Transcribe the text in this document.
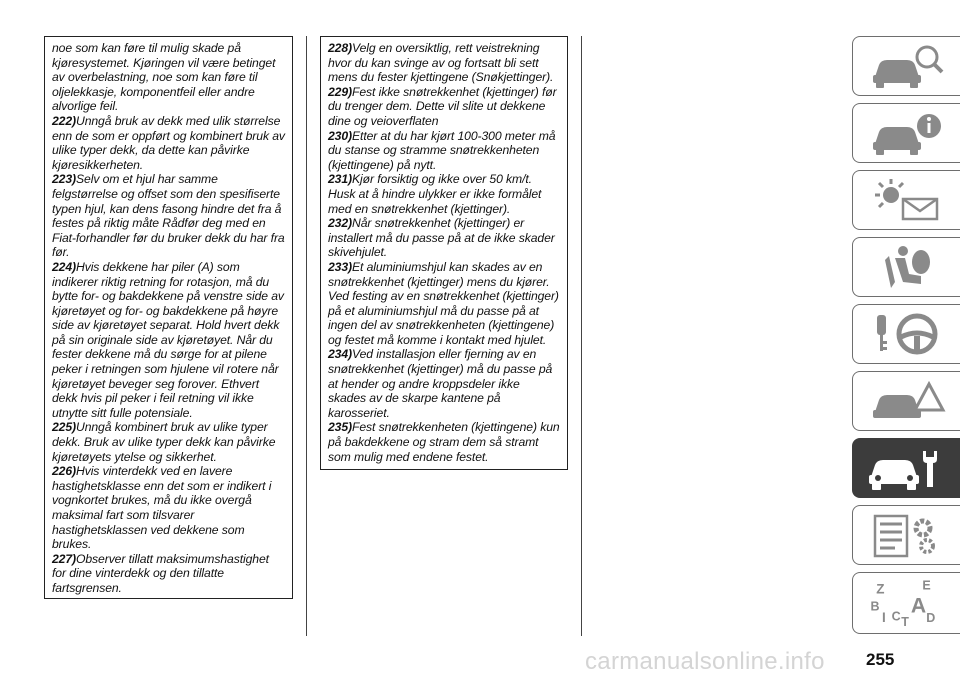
noe som kan føre til mulig skade på kjøresystemet. Kjøringen vil være betinget av overbelastning, noe som kan føre til oljelekkasje, komponentfeil eller andre alvorlige feil.

222)Unngå bruk av dekk med ulik størrelse enn de som er oppført og kombinert bruk av ulike typer dekk, da dette kan påvirke kjøresikkerheten.

223)Selv om et hjul har samme felgstørrelse og offset som den spesifiserte typen hjul, kan dens fasong hindre det fra å festes på riktig måte Rådfør deg med en Fiat-forhandler før du bruker dekk du har fra før.

224)Hvis dekkene har piler (A) som indikerer riktig retning for rotasjon, må du bytte for- og bakdekkene på venstre side av kjøretøyet og for- og bakdekkene på høyre side av kjøretøyet separat. Hold hvert dekk på sin originale side av kjøretøyet. Når du fester dekkene må du sørge for at pilene peker i retningen som hjulene vil rotere når kjøretøyet beveger seg forover. Ethvert dekk hvis pil peker i feil retning vil ikke utnytte sitt fulle potensiale.

225)Unngå kombinert bruk av ulike typer dekk. Bruk av ulike typer dekk kan påvirke kjøretøyets ytelse og sikkerhet.

226)Hvis vinterdekk ved en lavere hastighetsklasse enn det som er indikert i vognkortet brukes, må du ikke overgå maksimal fart som tilsvarer hastighetsklassen ved dekkene som brukes.

227)Observer tillatt maksimumshastighet for dine vinterdekk og den tillatte fartsgrensen.

228)Velg en oversiktlig, rett veistrekning hvor du kan svinge av og fortsatt bli sett mens du fester kjettingene (Snøkjettinger).

229)Fest ikke snøtrekkenhet (kjettinger) før du trenger dem. Dette vil slite ut dekkene dine og veioverflaten

230)Etter at du har kjørt 100-300 meter må du stanse og stramme snøtrekkenheten (kjettingene) på nytt.

231)Kjør forsiktig og ikke over 50 km/t. Husk at å hindre ulykker er ikke formålet med en snøtrekkenhet (kjettinger).

232)Når snøtrekkenhet (kjettinger) er installert må du passe på at de ikke skader skivehjulet.

233)Et aluminiumshjul kan skades av en snøtrekkenhet (kjettinger) mens du kjører. Ved festing av en snøtrekkenhet (kjettinger) på et aluminiumshjul må du passe på at ingen del av snøtrekkenheten (kjettingene) og festet må komme i kontakt med hjulet.

234)Ved installasjon eller fjerning av en snøtrekkenhet (kjettinger) må du passe på at hender og andre kroppsdeler ikke skades av de skarpe kantene på karosseriet.

235)Fest snøtrekkenheten (kjettingene) kun på bakdekkene og stram dem så stramt som mulig med endene festet.

Z	E
B A
I C T D
carmanualsonline.info 255
